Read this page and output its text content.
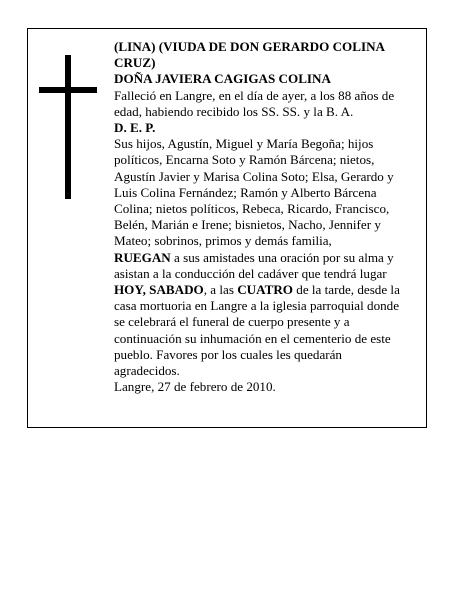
(LINA) (VIUDA DE DON GERARDO COLINA CRUZ)

DOÑA JAVIERA CAGIGAS COLINA

Falleció en Langre, en el día de ayer, a los 88 años de edad, habiendo recibido los SS. SS. y la B. A.

D. E. P.

Sus hijos, Agustín, Miguel y María Begoña; hijos políticos, Encarna Soto y Ramón Bárcena; nietos, Agustín Javier y Marisa Colina Soto; Elsa, Gerardo y Luis Colina Fernández; Ramón y Alberto Bárcena Colina; nietos políticos, Rebeca, Ricardo, Francisco, Belén, Marián e Irene; bisnietos, Nacho, Jennifer y Mateo; sobrinos, primos y demás familia,

RUEGAN a sus amistades una oración por su alma y asistan a la conducción del cadáver que tendrá lugar HOY, SABADO, a las CUATRO de la tarde, desde la casa mortuoria en Langre a la iglesia parroquial donde se celebrará el funeral de cuerpo presente y a continuación su inhumación en el cementerio de este pueblo. Favores por los cuales les quedarán agradecidos.

Langre, 27 de febrero de 2010.
